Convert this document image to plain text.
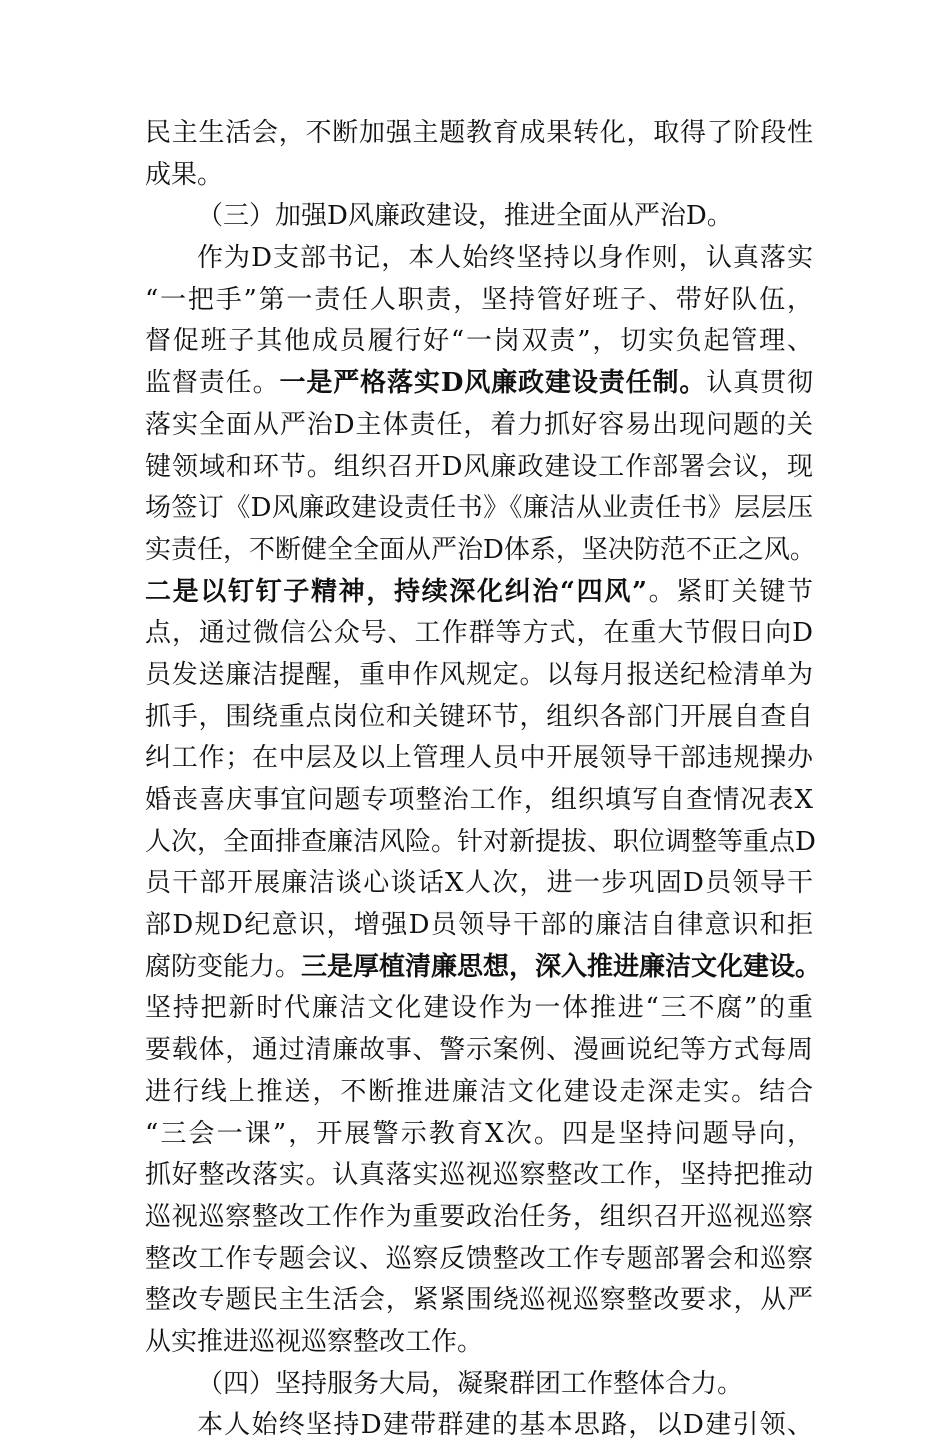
民主生活会，不断加强主题教育成果转化，取得了阶段性
成果。
（三）加强D风廉政建设，推进全面从严治D。
作为D支部书记，本人始终坚持以身作则，认真落实
“一把手”第一责任人职责，坚持管好班子、带好队伍，
督促班子其他成员履行好“一岗双责”，切实负起管理、
监督责任。一是严格落实D风廉政建设责任制。认真贯彻
落实全面从严治D主体责任，着力抓好容易出现问题的关
键领域和环节。组织召开D风廉政建设工作部署会议，现
场签订《D风廉政建设责任书》《廉洁从业责任书》层层压
实责任，不断健全全面从严治D体系，坚决防范不正之风。
二是以钉钉子精神，持续深化纠治“四风”。紧盯关键节
点，通过微信公众号、工作群等方式，在重大节假日向D
员发送廉洁提醒，重申作风规定。以每月报送纪检清单为
抓手，围绕重点岗位和关键环节，组织各部门开展自查自
纠工作；在中层及以上管理人员中开展领导干部违规操办
婚丧喜庆事宜问题专项整治工作，组织填写自查情况表X
人次，全面排查廉洁风险。针对新提拔、职位调整等重点D
员干部开展廉洁谈心谈话X人次，进一步巩固D员领导干
部D规D纪意识，增强D员领导干部的廉洁自律意识和拒
腐防变能力。三是厚植清廉思想，深入推进廉洁文化建设。
坚持把新时代廉洁文化建设作为一体推进“三不腐”的重
要载体，通过清廉故事、警示案例、漫画说纪等方式每周
进行线上推送，不断推进廉洁文化建设走深走实。结合
“三会一课”，开展警示教育X次。四是坚持问题导向，
抓好整改落实。认真落实巡视巡察整改工作，坚持把推动
巡视巡察整改工作作为重要政治任务，组织召开巡视巡察
整改工作专题会议、巡察反馈整改工作专题部署会和巡察
整改专题民主生活会，紧紧围绕巡视巡察整改要求，从严
从实推进巡视巡察整改工作。
（四）坚持服务大局，凝聚群团工作整体合力。
本人始终坚持D建带群建的基本思路，以D建引领、
